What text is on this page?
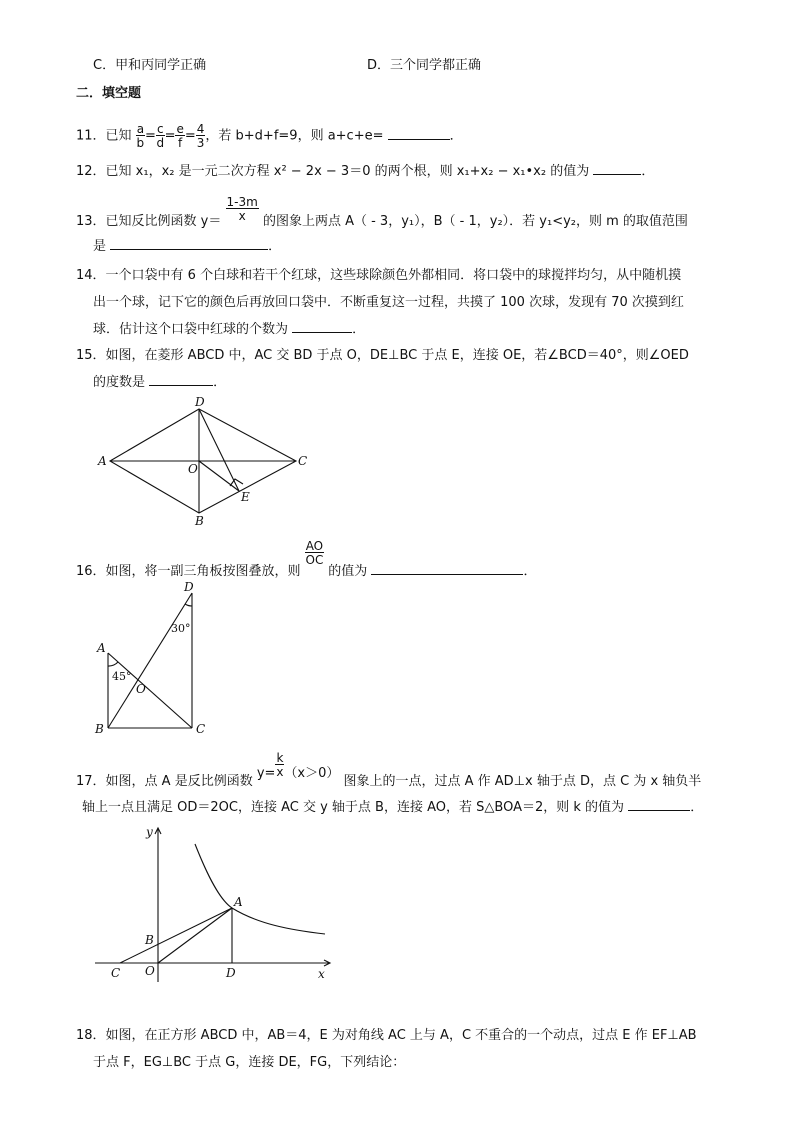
C．甲和丙同学正确	D．三个同学都正确
二．填空题
11．已知 $\frac{a}{b} = \frac{c}{d} = \frac{e}{f} = \frac{4}{3}$ ，若 b+d+f=9，则 a+c+e=	．
12．已知 x₁，x₂ 是一元二次方程 x² − 2x − 3＝0 的两个根，则 x₁+x₂ − x₁•x₂ 的值为	．
13．已知反比例函数 $y= \frac{1-3m}{x}$ 的图象上两点 A（ - 3，y₁），B（ - 1，y₂）．若 y₁<y₂，则 m 的取值范围
是	．
14．一个口袋中有 6 个白球和若干个红球，这些球除颜色外都相同．将口袋中的球搅拌均匀，从中随机摸
出一个球，记下它的颜色后再放回口袋中．不断重复这一过程，共摸了 100 次球，发现有 70 次摸到红
球．估计这个口袋中红球的个数为	．
15．如图，在菱形 ABCD 中，AC 交 BD 于点 O，DE⊥BC 于点 E，连接 OE，若∠BCD＝40°，则∠OED
的度数是	．
A
D
C
B
O
E
16．如图，将一副三角板按图叠放，则
$\frac{AO}{OC}$
的值为	．
D
A
B	C
O
45°
30°
17．如图，点 A 是反比例函数 $y= \frac{k}{x} (x>0)$ 图象上的一点，过点 A 作 AD⊥x 轴于点 D，点 C 为 x 轴负半
轴上一点且满足 OD＝2OC，连接 AC 交 y 轴于点 B，连接 AO，若 S△BOA＝2，则 k 的值为	．
y
x
A
B
C O	D
18．如图，在正方形 ABCD 中，AB＝4，E 为对角线 AC 上与 A，C 不重合的一个动点，过点 E 作 EF⊥AB
于点 F，EG⊥BC 于点 G，连接 DE，FG，下列结论：
